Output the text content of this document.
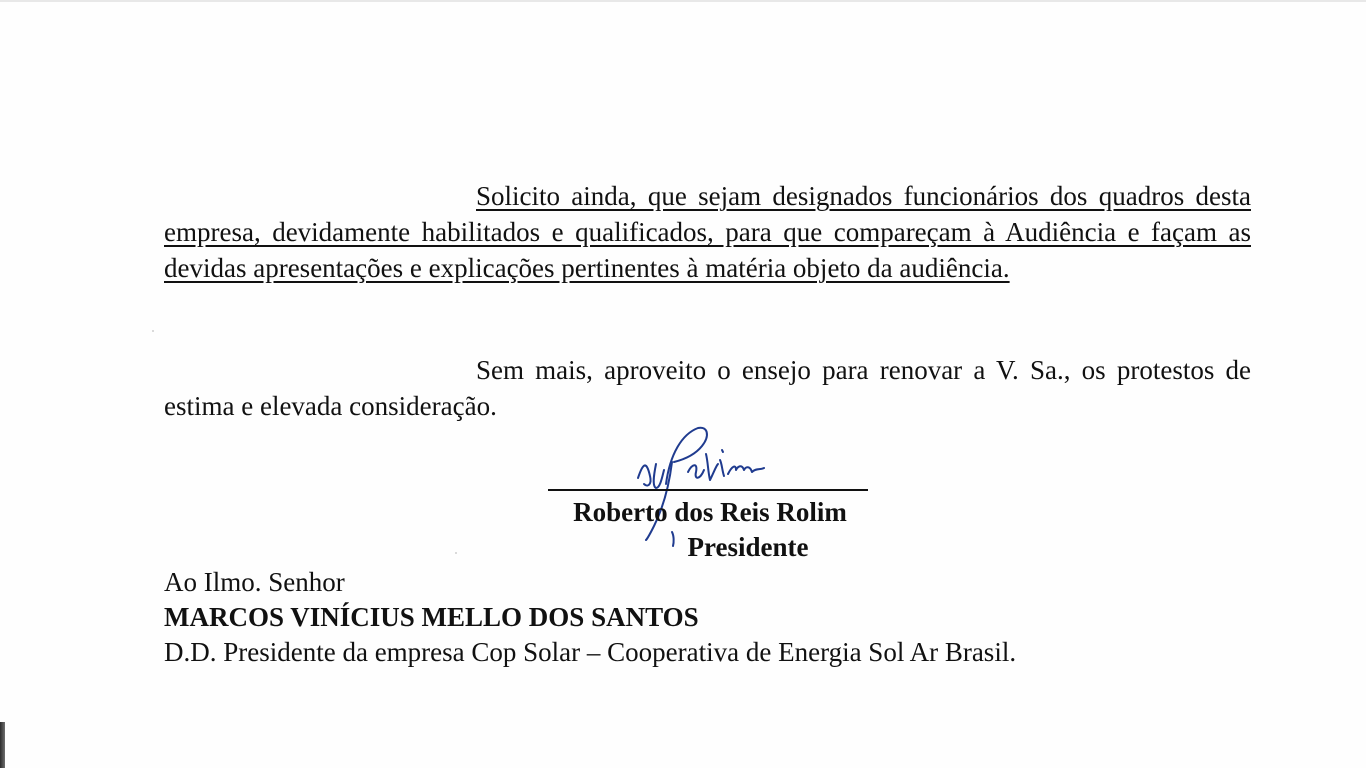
Solicito ainda, que sejam designados funcionários dos quadros desta empresa, devidamente habilitados e qualificados, para que compareçam à Audiência e façam as devidas apresentações e explicações pertinentes à matéria objeto da audiência.

Sem mais, aproveito o ensejo para renovar a V. Sa., os protestos de estima e elevada consideração.

Roberto dos Reis Rolim
Presidente
Ao Ilmo. Senhor
MARCOS VINÍCIUS MELLO DOS SANTOS
D.D. Presidente da empresa Cop Solar – Cooperativa de Energia Sol Ar Brasil.
